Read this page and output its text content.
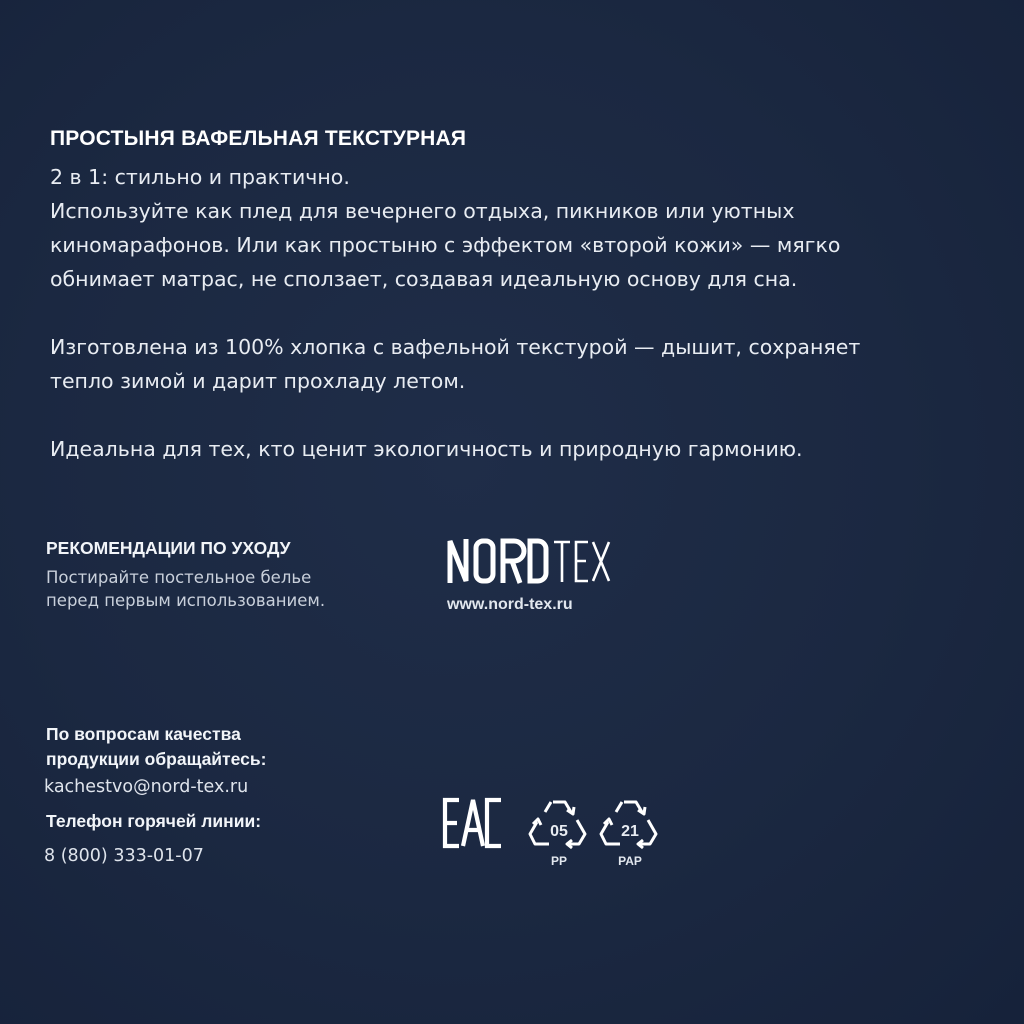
ПРОСТЫНЯ ВАФЕЛЬНАЯ ТЕКСТУРНАЯ

2 в 1: стильно и практично.

Используйте как плед для вечернего отдыха, пикников или уютных

киномарафонов. Или как простыню с эффектом «второй кожи» — мягко

обнимает матрас, не сползает, создавая идеальную основу для сна.

Изготовлена из 100% хлопка с вафельной текстурой — дышит, сохраняет

тепло зимой и дарит прохладу летом.

Идеальна для тех, кто ценит экологичность и природную гармонию.

РЕКОМЕНДАЦИИ ПО УХОДУ

Постирайте постельное белье

перед первым использованием.	www.nord-tex.ru

По вопросам качества

продукции обращайтесь:

kachestvo@nord-tex.ru
Телефон горячей линии:
8 (800) 333-01-07
05
PP
21
PAP
